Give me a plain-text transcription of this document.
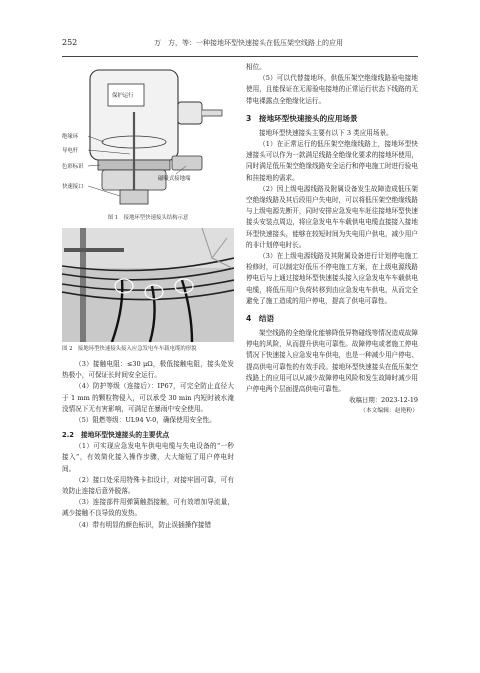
252	万　方，等：一种接地环型快速接头在低压架空线路上的应用
保护运行
绝缘环
导电杆
色彩标识
快速接口
磁吸式接地端
图 1　接地环型快速接头结构示意
图 2　接地环型快速接头接入应急发电车车载电缆的形貌

（3）接触电阻：≤30 μΩ，极低接触电阻，接头处发热极小，可保证长时间安全运行。

（4）防护等级（连接后）：IP67，可完全防止直径大于 1 mm 的颗粒物侵入，可以承受 30 min 内短时被水淹没情况下无有害影响，可满足在暴雨中安全使用。

（5）阻燃等级：UL94 V-0，确保使用安全性。

2.2　接地环型快速接头的主要优点

（1）可实现应急发电车供电电缆与失电设备的“一秒接入”，有效简化接入操作步骤，大大缩短了用户停电时间。

（2）接口处采用特殊卡扣设计，对接牢固可靠，可有效防止连接后意外脱落。

（3）连接部件用弹簧触指接触，可有效增加导流量，减少接触不良导致的发热。

（4）带有明显的颜色标识，防止误插操作接错

相位。

（5）可以代替接地环，供低压架空绝缘线路验电接地使用，且能保证在无需验电接地的正常运行状态下线路的无带电裸露点全绝缘化运行。

3　接地环型快速接头的应用场景

接地环型快速接头主要有以下 3 类应用场景。

（1）在正常运行的低压架空绝缘线路上，接地环型快速接头可以作为一款满足线路全绝缘化要求的接地环使用，同时满足低压架空绝缘线路安全运行和停电施工时进行验电和挂接地的需求。

（2）因上级电源线路及附属设备发生故障造成低压架空绝缘线路及其后段用户失电时，可以将低压架空绝缘线路与上级电源先断开，同时安排应急发电车赶往接地环型快速接头安装点周边，将应急发电车车载供电电缆直接接入接地环型快速接头，能够在较短时间为失电用户供电，减少用户的非计划停电时长。

（3）在上级电源线路及其附属设备进行计划停电施工检修时，可以制定好低压不停电施工方案，在上级电源线路停电后与上通过接地环型快速接头接入应急发电车车载供电电缆，将低压用户负荷转移到由应急发电车供电，从而完全避免了施工造成的用户停电，提高了供电可靠性。

4　结语

架空线路的全绝缘化能够降低异物碰线等情况造成故障停电的风险，从而提升供电可靠性。故障停电或者施工停电情况下快速接入应急发电车供电，也是一种减少用户停电、提高供电可靠性的有效手段。接地环型快速接头在低压架空线路上的应用可以从减少故障停电风险和发生故障时减少用户停电两个层面提高供电可靠性。

收稿日期：2023-12-19
（本文编辑：赵艳粉）
